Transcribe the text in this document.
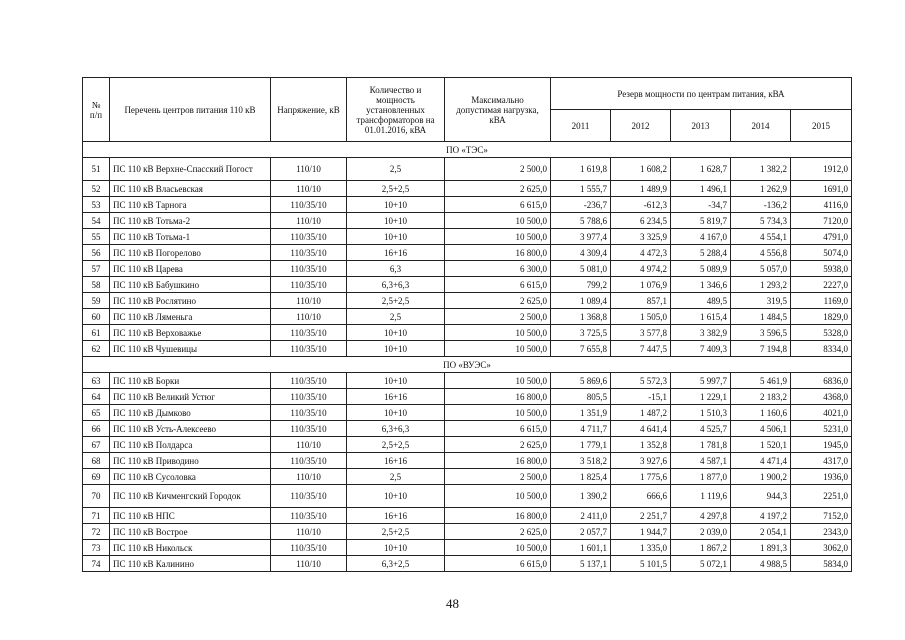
№
п/п	Перечень центров питания 110 кВ	Напряжение, кВ	Количество и мощность установленных трансформаторов на 01.01.2016, кВА	Максимально допустимая нагрузка, кВА	Резерв мощности по центрам питания, кВА				
					2011	2012	2013	2014	2015
ПО «ТЭС»									
51	ПС 110 кВ Верхне-Спасский Погост	110/10	2,5	2 500,0	1 619,8	1 608,2	1 628,7	1 382,2	1912,0
52	ПС 110 кВ Власьевская	110/10	2,5+2,5	2 625,0	1 555,7	1 489,9	1 496,1	1 262,9	1691,0
53	ПС 110 кВ Тарнога	110/35/10	10+10	6 615,0	-236,7	-612,3	-34,7	-136,2	4116,0
54	ПС 110 кВ Тотьма-2	110/10	10+10	10 500,0	5 788,6	6 234,5	5 819,7	5 734,3	7120,0
55	ПС 110 кВ Тотьма-1	110/35/10	10+10	10 500,0	3 977,4	3 325,9	4 167,0	4 554,1	4791,0
56	ПС 110 кВ Погорелово	110/35/10	16+16	16 800,0	4 309,4	4 472,3	5 288,4	4 556,8	5074,0
57	ПС 110 кВ Царева	110/35/10	6,3	6 300,0	5 081,0	4 974,2	5 089,9	5 057,0	5938,0
58	ПС 110 кВ Бабушкино	110/35/10	6,3+6,3	6 615,0	799,2	1 076,9	1 346,6	1 293,2	2227,0
59	ПС 110 кВ Рослятино	110/10	2,5+2,5	2 625,0	1 089,4	857,1	489,5	319,5	1169,0
60	ПС 110 кВ Ляменьга	110/10	2,5	2 500,0	1 368,8	1 505,0	1 615,4	1 484,5	1829,0
61	ПС 110 кВ Верховажье	110/35/10	10+10	10 500,0	3 725,5	3 577,8	3 382,9	3 596,5	5328,0
62	ПС 110 кВ Чушевицы	110/35/10	10+10	10 500,0	7 655,8	7 447,5	7 409,3	7 194,8	8334,0
ПО «ВУЭС»									
63	ПС 110 кВ Борки	110/35/10	10+10	10 500,0	5 869,6	5 572,3	5 997,7	5 461,9	6836,0
64	ПС 110 кВ Великий Устюг	110/35/10	16+16	16 800,0	805,5	-15,1	1 229,1	2 183,2	4368,0
65	ПС 110 кВ Дымково	110/35/10	10+10	10 500,0	1 351,9	1 487,2	1 510,3	1 160,6	4021,0
66	ПС 110 кВ Усть-Алексеево	110/35/10	6,3+6,3	6 615,0	4 711,7	4 641,4	4 525,7	4 506,1	5231,0
67	ПС 110 кВ Полдарса	110/10	2,5+2,5	2 625,0	1 779,1	1 352,8	1 781,8	1 520,1	1945,0
68	ПС 110 кВ Приводино	110/35/10	16+16	16 800,0	3 518,2	3 927,6	4 587,1	4 471,4	4317,0
69	ПС 110 кВ Сусоловка	110/10	2,5	2 500,0	1 825,4	1 775,6	1 877,0	1 900,2	1936,0
70	ПС 110 кВ Кичменгский Городок	110/35/10	10+10	10 500,0	1 390,2	666,6	1 119,6	944,3	2251,0
71	ПС 110 кВ НПС	110/35/10	16+16	16 800,0	2 411,0	2 251,7	4 297,8	4 197,2	7152,0
72	ПС 110 кВ Вострое	110/10	2,5+2,5	2 625,0	2 057,7	1 944,7	2 039,0	2 054,1	2343,0
73	ПС 110 кВ Никольск	110/35/10	10+10	10 500,0	1 601,1	1 335,0	1 867,2	1 891,3	3062,0
74	ПС 110 кВ Калинино	110/10	6,3+2,5	6 615,0	5 137,1	5 101,5	5 072,1	4 988,5	5834,0
48
